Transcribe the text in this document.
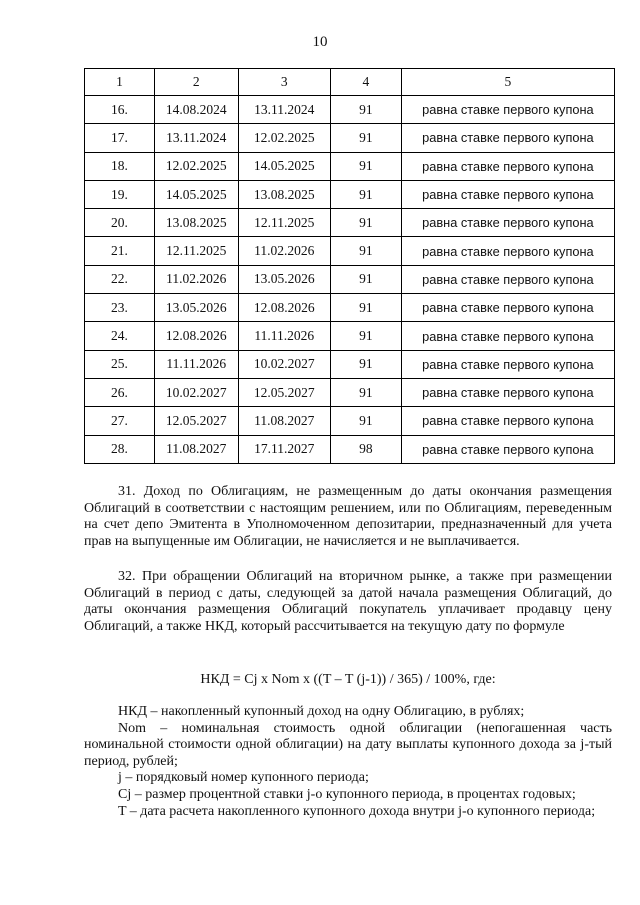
10
1	2	3	4	5
16.	14.08.2024	13.11.2024	91	равна ставке первого купона
17.	13.11.2024	12.02.2025	91	равна ставке первого купона
18.	12.02.2025	14.05.2025	91	равна ставке первого купона
19.	14.05.2025	13.08.2025	91	равна ставке первого купона
20.	13.08.2025	12.11.2025	91	равна ставке первого купона
21.	12.11.2025	11.02.2026	91	равна ставке первого купона
22.	11.02.2026	13.05.2026	91	равна ставке первого купона
23.	13.05.2026	12.08.2026	91	равна ставке первого купона
24.	12.08.2026	11.11.2026	91	равна ставке первого купона
25.	11.11.2026	10.02.2027	91	равна ставке первого купона
26.	10.02.2027	12.05.2027	91	равна ставке первого купона
27.	12.05.2027	11.08.2027	91	равна ставке первого купона
28.	11.08.2027	17.11.2027	98	равна ставке первого купона

31. Доход по Облигациям, не размещенным до даты окончания размещения Облигаций в соответствии с настоящим решением, или по Облигациям, переведенным на счет депо Эмитента в Уполномоченном депозитарии, предназначенный для учета прав на выпущенные им Облигации, не начисляется и не выплачивается.

32. При обращении Облигаций на вторичном рынке, а также при размещении Облигаций в период с даты, следующей за датой начала размещения Облигаций, до даты окончания размещения Облигаций покупатель уплачивает продавцу цену Облигаций, а также НКД, который рассчитывается на текущую дату по формуле

НКД = Cj x Nom x ((T – T (j-1)) / 365) / 100%, где:

НКД – накопленный купонный доход на одну Облигацию, в рублях;

Nom – номинальная стоимость одной облигации (непогашенная часть номинальной стоимости одной облигации) на дату выплаты купонного дохода за j-тый период, рублей;

j – порядковый номер купонного периода;

Cj – размер процентной ставки j-о купонного периода, в процентах годовых;

T – дата расчета накопленного купонного дохода внутри j-о купонного периода;
